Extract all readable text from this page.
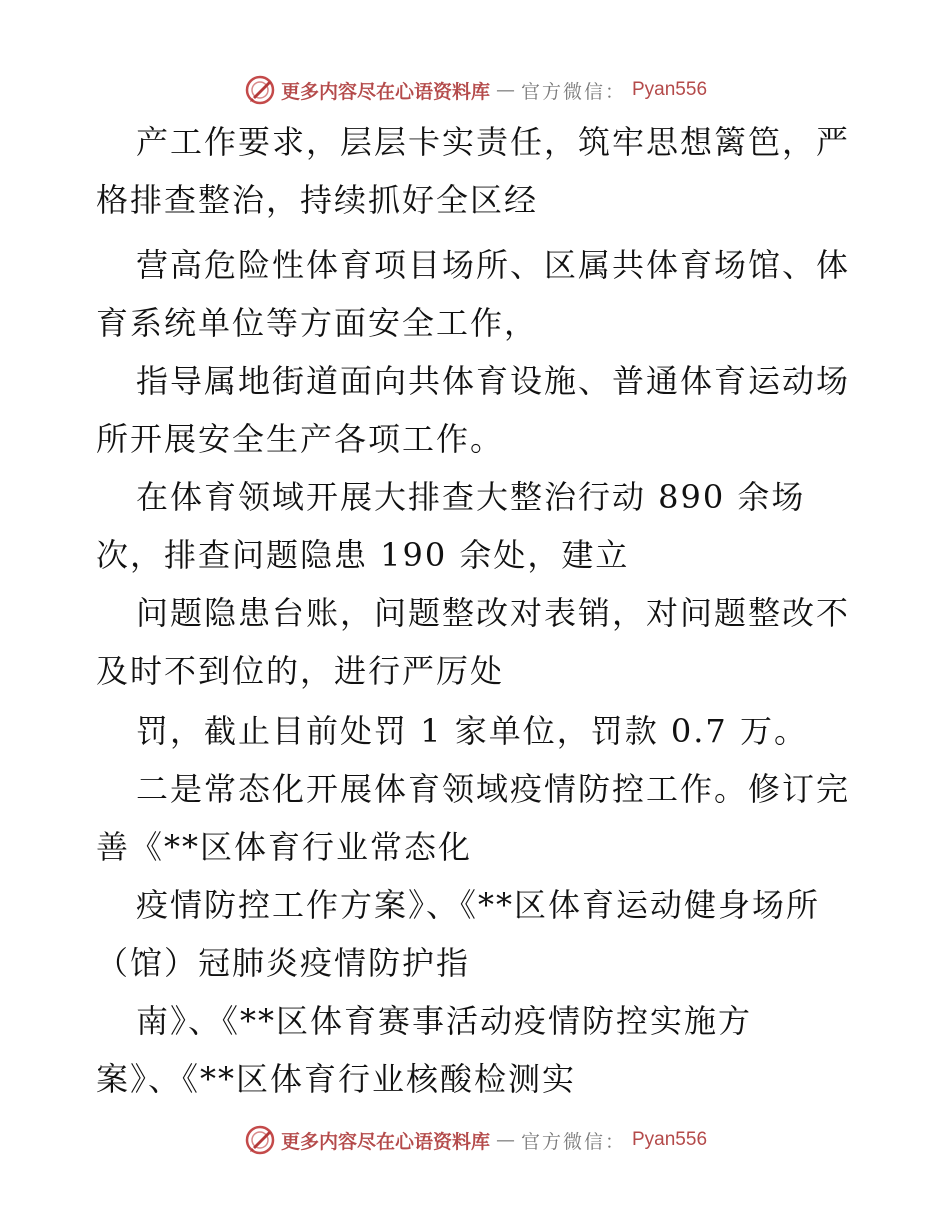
更多内容尽在心语资料库 — 官方微信： Pyan556
产工作要求，层层卡实责任，筑牢思想篱笆，严
格排查整治，持续抓好全区经
营高危险性体育项目场所、区属共体育场馆、体
育系统单位等方面安全工作，
指导属地街道面向共体育设施、普通体育运动场
所开展安全生产各项工作。
在体育领域开展大排查大整治行动 890 余场
次，排查问题隐患 190 余处，建立
问题隐患台账，问题整改对表销，对问题整改不
及时不到位的，进行严厉处
罚，截止目前处罚 1 家单位，罚款 0.7 万。
二是常态化开展体育领域疫情防控工作。修订完
善《**区体育行业常态化
疫情防控工作方案》、《**区体育运动健身场所
（馆）冠肺炎疫情防护指
南》、《**区体育赛事活动疫情防控实施方
案》、《**区体育行业核酸检测实
更多内容尽在心语资料库 — 官方微信： Pyan556
